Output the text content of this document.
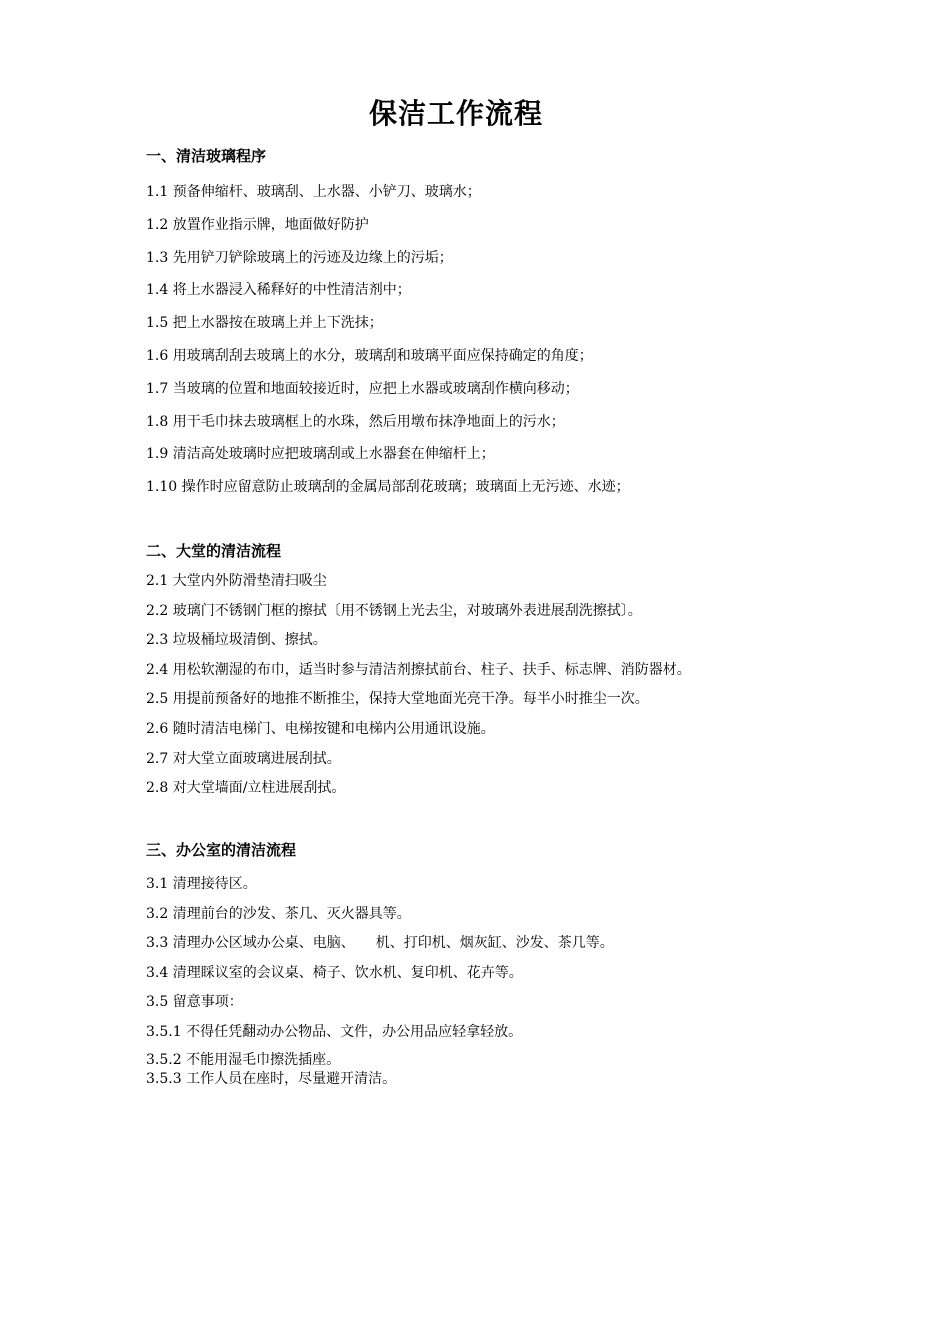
保洁工作流程
一、清洁玻璃程序
1.1 预备伸缩杆、玻璃刮、上水器、小铲刀、玻璃水；
1.2 放置作业指示牌，地面做好防护
1.3 先用铲刀铲除玻璃上的污迹及边缘上的污垢；
1.4 将上水器浸入稀释好的中性清洁剂中；
1.5 把上水器按在玻璃上并上下洗抹；
1.6 用玻璃刮刮去玻璃上的水分，玻璃刮和玻璃平面应保持确定的角度；
1.7 当玻璃的位置和地面较接近时，应把上水器或玻璃刮作横向移动；
1.8 用干毛巾抹去玻璃框上的水珠，然后用墩布抹净地面上的污水；
1.9 清洁高处玻璃时应把玻璃刮或上水器套在伸缩杆上；
1.10 操作时应留意防止玻璃刮的金属局部刮花玻璃；玻璃面上无污迹、水迹；
二、大堂的清洁流程
2.1 大堂内外防滑垫清扫吸尘
2.2 玻璃门不锈钢门框的擦拭〔用不锈钢上光去尘，对玻璃外表进展刮洗擦拭〕。
2.3 垃圾桶垃圾清倒、擦拭。
2.4 用松软潮湿的布巾，适当时参与清洁剂擦拭前台、柱子、扶手、标志牌、消防器材。
2.5 用提前预备好的地推不断推尘，保持大堂地面光亮干净。每半小时推尘一次。
2.6 随时清洁电梯门、电梯按键和电梯内公用通讯设施。
2.7 对大堂立面玻璃进展刮拭。
2.8 对大堂墙面/立柱进展刮拭。
三、办公室的清洁流程
3.1 清理接待区。
3.2 清理前台的沙发、茶几、灭火器具等。
3.3 清理办公区域办公桌、电脑、　　机、打印机、烟灰缸、沙发、茶几等。
3.4 清理睬议室的会议桌、椅子、饮水机、复印机、花卉等。
3.5 留意事项：
3.5.1 不得任凭翻动办公物品、文件，办公用品应轻拿轻放。
3.5.2 不能用湿毛巾擦洗插座。
3.5.3 工作人员在座时，尽量避开清洁。
